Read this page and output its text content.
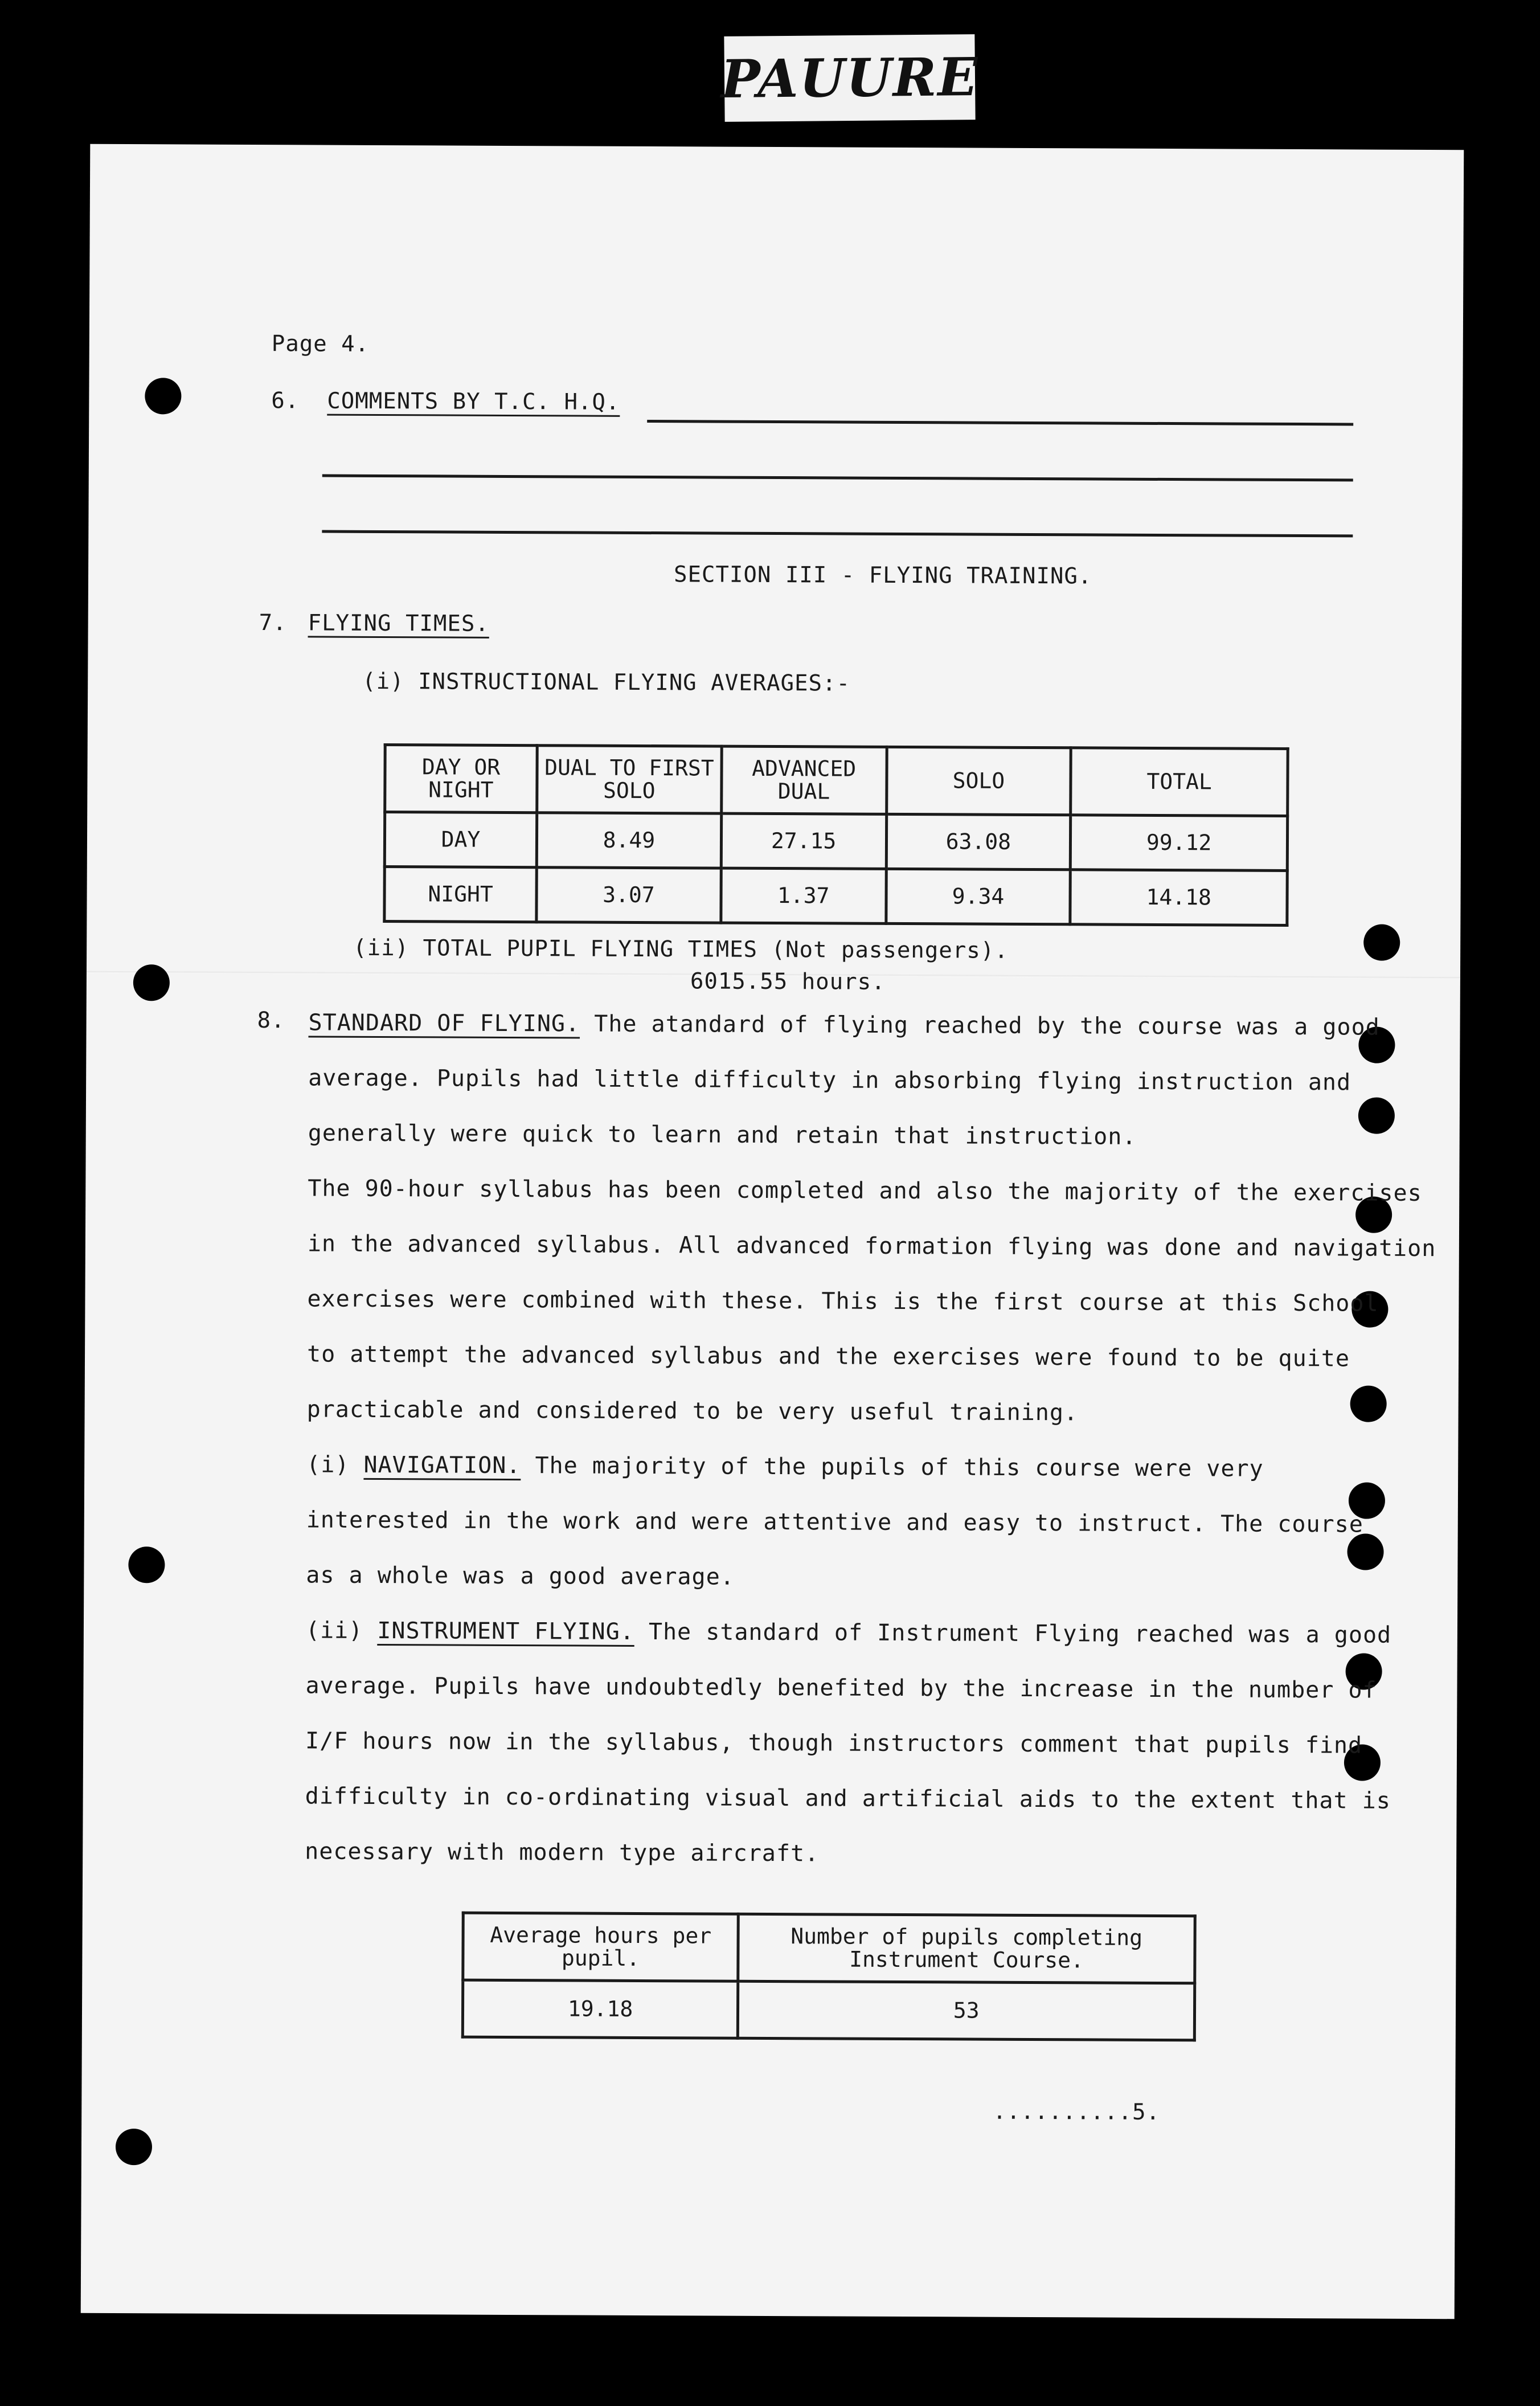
PAUURE
Page 4.
6. COMMENTS BY T.C. H.Q.
SECTION III - FLYING TRAINING.
7. FLYING TIMES.
(i) INSTRUCTIONAL FLYING AVERAGES:-
DAY OR NIGHT	DUAL TO FIRST SOLO	ADVANCED DUAL	SOLO	TOTAL
DAY	8.49	27.15	63.08	99.12
NIGHT	3.07	1.37	9.34	14.18
(ii) TOTAL PUPIL FLYING TIMES (Not passengers).
6015.55 hours.
8. STANDARD OF FLYING. The atandard of flying reached by the course was a good
average. Pupils had little difficulty in absorbing flying instruction and
generally were quick to learn and retain that instruction.
The 90-hour syllabus has been completed and also the majority of the exercises
in the advanced syllabus. All advanced formation flying was done and navigation
exercises were combined with these. This is the first course at this School
to attempt the advanced syllabus and the exercises were found to be quite
practicable and considered to be very useful training.
(i) NAVIGATION. The majority of the pupils of this course were very
interested in the work and were attentive and easy to instruct. The course
as a whole was a good average.
(ii) INSTRUMENT FLYING. The standard of Instrument Flying reached was a good
average. Pupils have undoubtedly benefited by the increase in the number of
I/F hours now in the syllabus, though instructors comment that pupils find
difficulty in co-ordinating visual and artificial aids to the extent that is
necessary with modern type aircraft.
Average hours per pupil.	Number of pupils completing Instrument Course.
19.18	53
..........5.
